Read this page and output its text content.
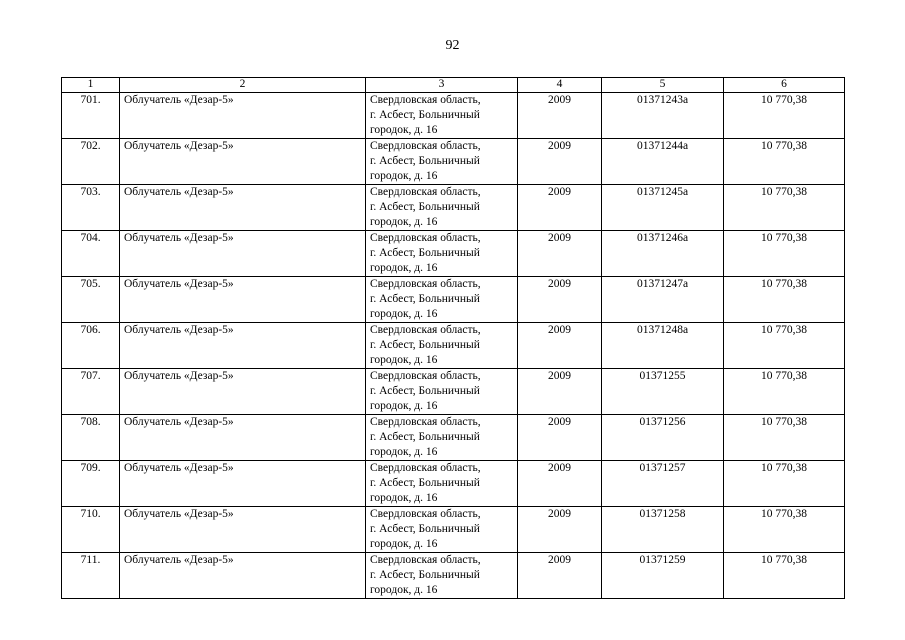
92
1	2	3	4	5	6
701.	Облучатель «Дезар-5»	Свердловская область,
г. Асбест, Больничный
городок, д. 16	2009	01371243а	10 770,38
702.	Облучатель «Дезар-5»	Свердловская область,
г. Асбест, Больничный
городок, д. 16	2009	01371244а	10 770,38
703.	Облучатель «Дезар-5»	Свердловская область,
г. Асбест, Больничный
городок, д. 16	2009	01371245а	10 770,38
704.	Облучатель «Дезар-5»	Свердловская область,
г. Асбест, Больничный
городок, д. 16	2009	01371246а	10 770,38
705.	Облучатель «Дезар-5»	Свердловская область,
г. Асбест, Больничный
городок, д. 16	2009	01371247а	10 770,38
706.	Облучатель «Дезар-5»	Свердловская область,
г. Асбест, Больничный
городок, д. 16	2009	01371248а	10 770,38
707.	Облучатель «Дезар-5»	Свердловская область,
г. Асбест, Больничный
городок, д. 16	2009	01371255	10 770,38
708.	Облучатель «Дезар-5»	Свердловская область,
г. Асбест, Больничный
городок, д. 16	2009	01371256	10 770,38
709.	Облучатель «Дезар-5»	Свердловская область,
г. Асбест, Больничный
городок, д. 16	2009	01371257	10 770,38
710.	Облучатель «Дезар-5»	Свердловская область,
г. Асбест, Больничный
городок, д. 16	2009	01371258	10 770,38
711.	Облучатель «Дезар-5»	Свердловская область,
г. Асбест, Больничный
городок, д. 16	2009	01371259	10 770,38
